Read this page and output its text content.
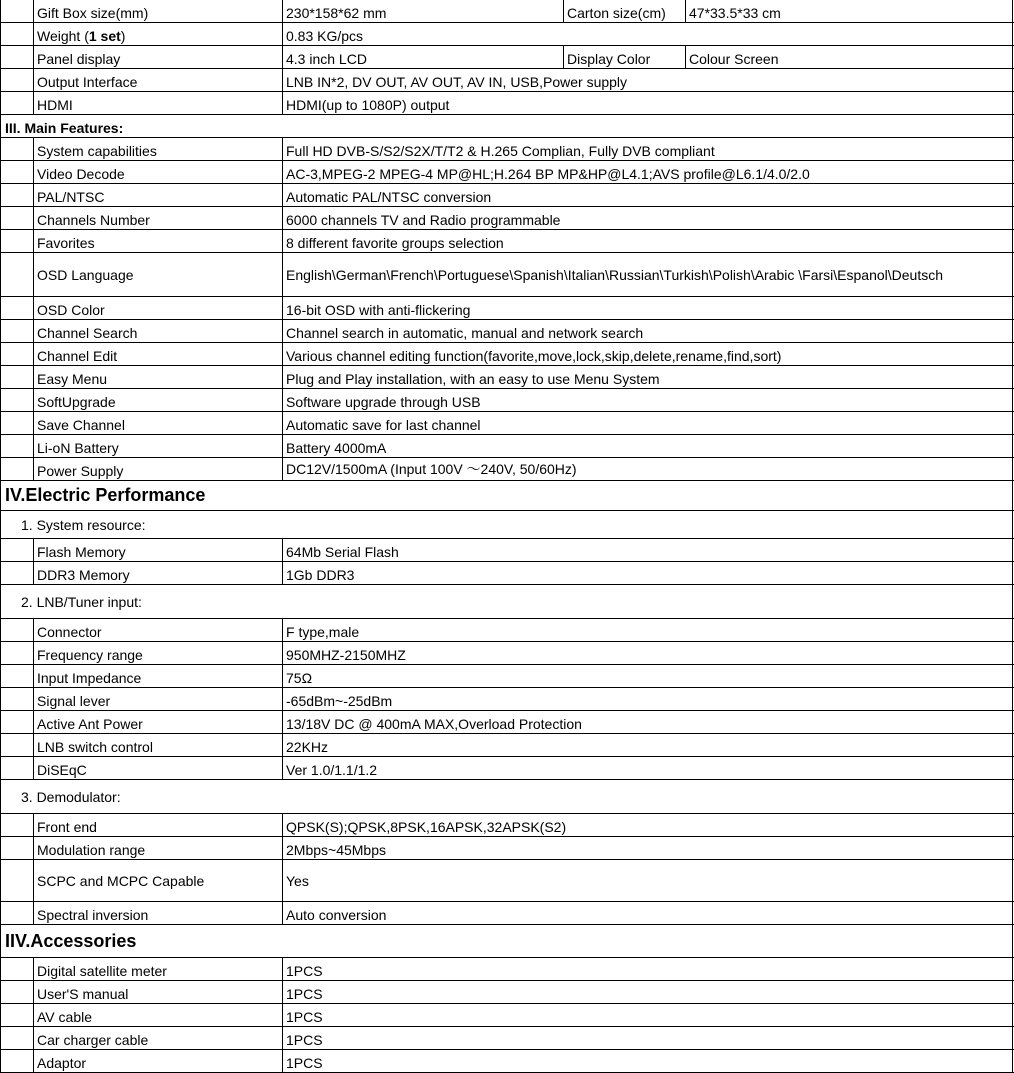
Gift Box size(mm)	230*158*62 mm	Carton size(cm)	47*33.5*33 cm
Weight ( 1 set )	0.83 KG/pcs
Panel display	4.3 inch LCD	Display Color	Colour Screen
Output Interface	LNB IN*2, DV OUT, AV OUT, AV IN, USB,Power supply
HDMI	HDMI(up to 1080P) output
III. Main Features:
System capabilities	Full HD DVB-S/S2/S2X/T/T2 & H.265 Complian, Fully DVB compliant
Video Decode	AC-3,MPEG-2 MPEG-4 MP@HL;H.264 BP MP&HP@L4.1;AVS profile@L6.1/4.0/2.0
PAL/NTSC	Automatic PAL/NTSC conversion
Channels Number	6000 channels TV and Radio programmable
Favorites	8 different favorite groups selection
OSD Language	English\German\French\Portuguese\Spanish\Italian\Russian\Turkish\Polish\Arabic \Farsi\Espanol\Deutsch
OSD Color	16-bit OSD with anti-flickering
Channel Search	Channel search in automatic, manual and network search
Channel Edit	Various channel editing function(favorite,move,lock,skip,delete,rename,find,sort)
Easy Menu	Plug and Play installation, with an easy to use Menu System
SoftUpgrade	Software upgrade through USB
Save Channel	Automatic save for last channel
Li-oN Battery	Battery 4000mA
Power Supply	DC12V/1500mA (Input 100V ～240V, 50/60Hz)
IV.Electric Performance
1. System resource:
Flash Memory	64Mb Serial Flash
DDR3 Memory	1Gb DDR3
2. LNB/Tuner input:
Connector	F type,male
Frequency range	950MHZ-2150MHZ
Input Impedance	75Ω
Signal lever	-65dBm~-25dBm
Active Ant Power	13/18V DC @ 400mA MAX,Overload Protection
LNB switch control	22KHz
DiSEqC	Ver 1.0/1.1/1.2
3. Demodulator:
Front end	QPSK(S);QPSK,8PSK,16APSK,32APSK(S2)
Modulation range	2Mbps~45Mbps
SCPC and MCPC Capable	Yes
Spectral inversion	Auto conversion
IIV.Accessories
Digital satellite meter	1PCS
User'S manual	1PCS
AV cable	1PCS
Car charger cable	1PCS
Adaptor	1PCS
